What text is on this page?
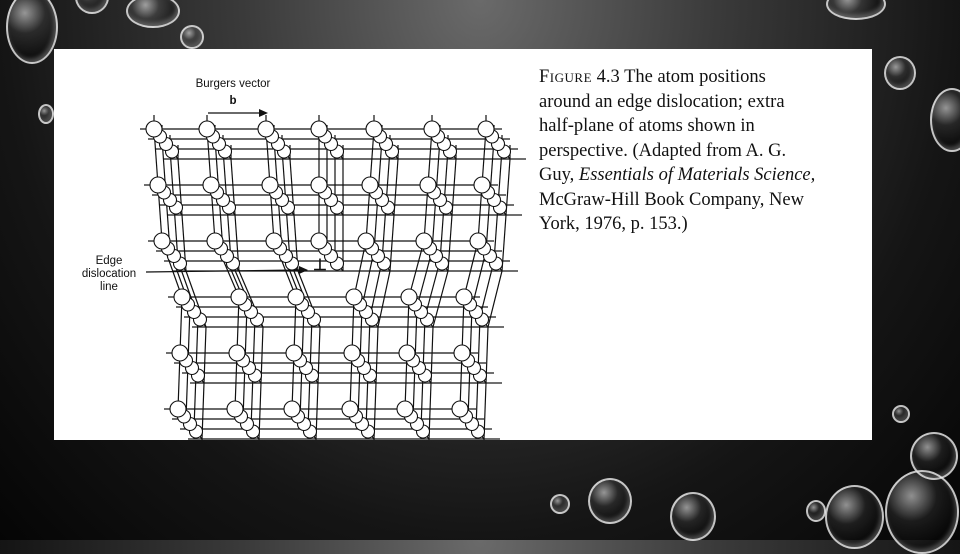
Burgers vector
b
Edge
dislocation
line
⊥
Figure 4.3 The atom positions
around an edge dislocation; extra
half-plane of atoms shown in
perspective. (Adapted from A. G.
Guy, Essentials of Materials Science,
McGraw-Hill Book Company, New
York, 1976, p. 153.)
